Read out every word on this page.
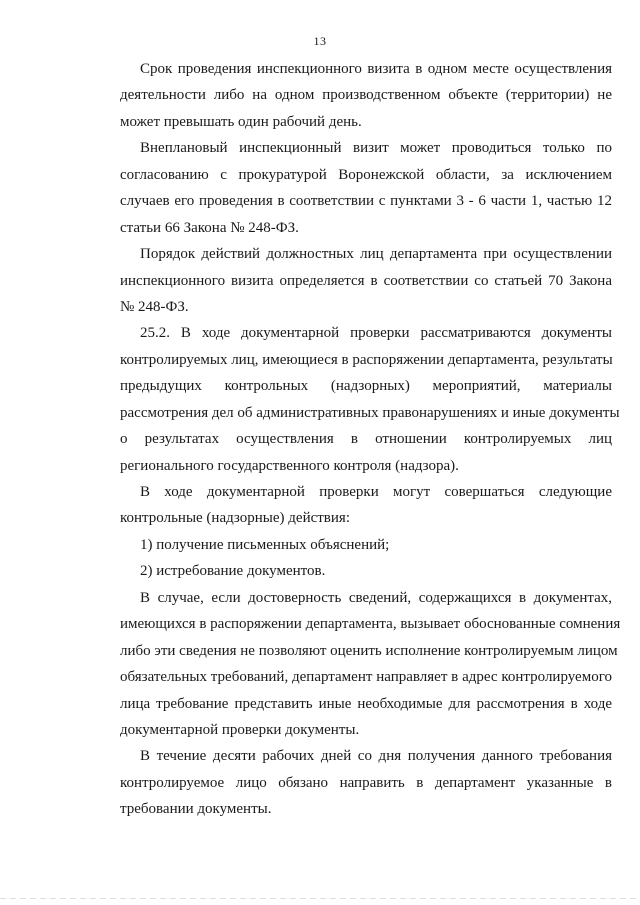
13
Срок проведения инспекционного визита в одном месте осуществления
деятельности либо на одном производственном объекте (территории) не
может превышать один рабочий день.
Внеплановый инспекционный визит может проводиться только по
согласованию с прокуратурой Воронежской области, за исключением
случаев его проведения в соответствии с пунктами 3 - 6 части 1, частью 12
статьи 66 Закона № 248-ФЗ.
Порядок действий должностных лиц департамента при осуществлении
инспекционного визита определяется в соответствии со статьей 70 Закона
№ 248-ФЗ.
25.2. В ходе документарной проверки рассматриваются документы
контролируемых лиц, имеющиеся в распоряжении департамента, результаты
предыдущих контрольных (надзорных) мероприятий, материалы
рассмотрения дел об административных правонарушениях и иные документы
о результатах осуществления в отношении контролируемых лиц
регионального государственного контроля (надзора).
В ходе документарной проверки могут совершаться следующие
контрольные (надзорные) действия:
1) получение письменных объяснений;
2) истребование документов.
В случае, если достоверность сведений, содержащихся в документах,
имеющихся в распоряжении департамента, вызывает обоснованные сомнения
либо эти сведения не позволяют оценить исполнение контролируемым лицом
обязательных требований, департамент направляет в адрес контролируемого
лица требование представить иные необходимые для рассмотрения в ходе
документарной проверки документы.
В течение десяти рабочих дней со дня получения данного требования
контролируемое лицо обязано направить в департамент указанные в
требовании документы.
